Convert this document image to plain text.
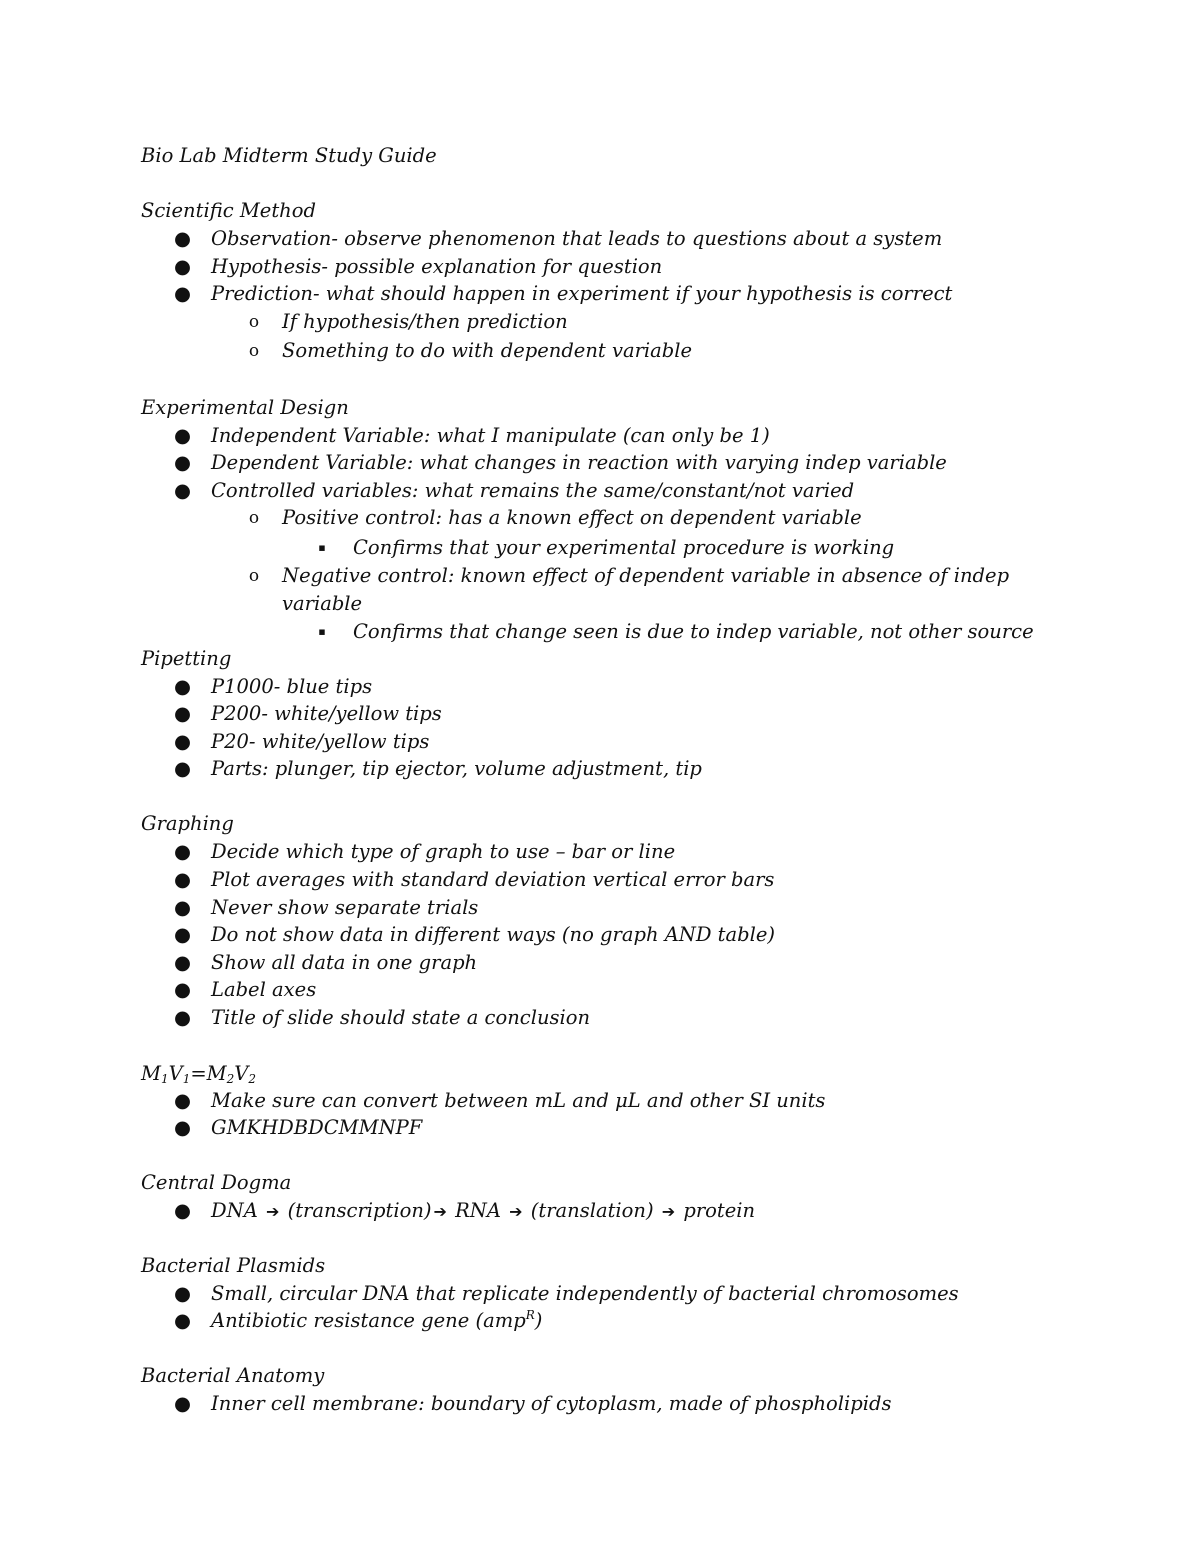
Bio Lab Midterm Study Guide
Scientific Method
● Observation- observe phenomenon that leads to questions about a system
● Hypothesis- possible explanation for question
● Prediction- what should happen in experiment if your hypothesis is correct
o If hypothesis/then prediction
o Something to do with dependent variable
Experimental Design
● Independent Variable: what I manipulate (can only be 1)
● Dependent Variable: what changes in reaction with varying indep variable
● Controlled variables: what remains the same/constant/not varied
o Positive control: has a known effect on dependent variable
▪ Confirms that your experimental procedure is working
o Negative control: known effect of dependent variable in absence of indep
variable
▪ Confirms that change seen is due to indep variable, not other source
Pipetting
● P1000- blue tips
● P200- white/yellow tips
● P20- white/yellow tips
● Parts: plunger, tip ejector, volume adjustment, tip
Graphing
● Decide which type of graph to use – bar or line
● Plot averages with standard deviation vertical error bars
● Never show separate trials
● Do not show data in different ways (no graph AND table)
● Show all data in one graph
● Label axes
● Title of slide should state a conclusion
$M_1V_1=M_2V_2$
● Make sure can convert between mL and μL and other SI units
● GMKHDBDCMMNPF
Central Dogma
● DNA ➔ (transcription) ➔ RNA ➔ (translation) ➔ protein
Bacterial Plasmids
● Small, circular DNA that replicate independently of bacterial chromosomes
● Antibiotic resistance gene (amp$^R$)
Bacterial Anatomy
● Inner cell membrane: boundary of cytoplasm, made of phospholipids
